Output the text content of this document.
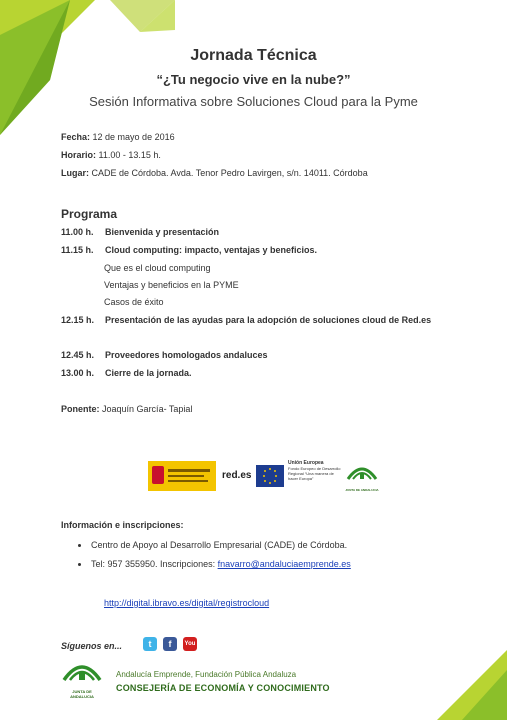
Jornada Técnica
“¿Tu negocio vive en la nube?”
Sesión Informativa sobre Soluciones Cloud para la Pyme
Fecha: 12 de mayo de 2016
Horario: 11.00 - 13.15 h.
Lugar: CADE de Córdoba. Avda. Tenor Pedro Lavirgen, s/n. 14011. Córdoba
Programa
11.00 h. Bienvenida y presentación
11.15 h. Cloud computing: impacto, ventajas y beneficios.
Que es el cloud computing
Ventajas y beneficios en la PYME
Casos de éxito
12.15 h. Presentación de las ayudas para la adopción de soluciones cloud de Red.es
12.45 h. Proveedores homologados andaluces
13.00 h. Cierre de la jornada.
Ponente: Joaquín García- Tapial
red.es
Unión Europea
Fondo Europeo de Desarrollo Regional “Una manera de hacer Europa”
JUNTA DE ANDALUCIA
Información e inscripciones:
Centro de Apoyo al Desarrollo Empresarial (CADE) de Córdoba.
Tel: 957 355950. Inscripciones: fnavarro@andaluciaemprende.es
http://digital.ibravo.es/digital/registrocloud
Síguenos en...	t	f	You
JUNTA DE ANDALUCIA
Andalucía Emprende, Fundación Pública Andaluza
CONSEJERÍA DE ECONOMÍA Y CONOCIMIENTO
